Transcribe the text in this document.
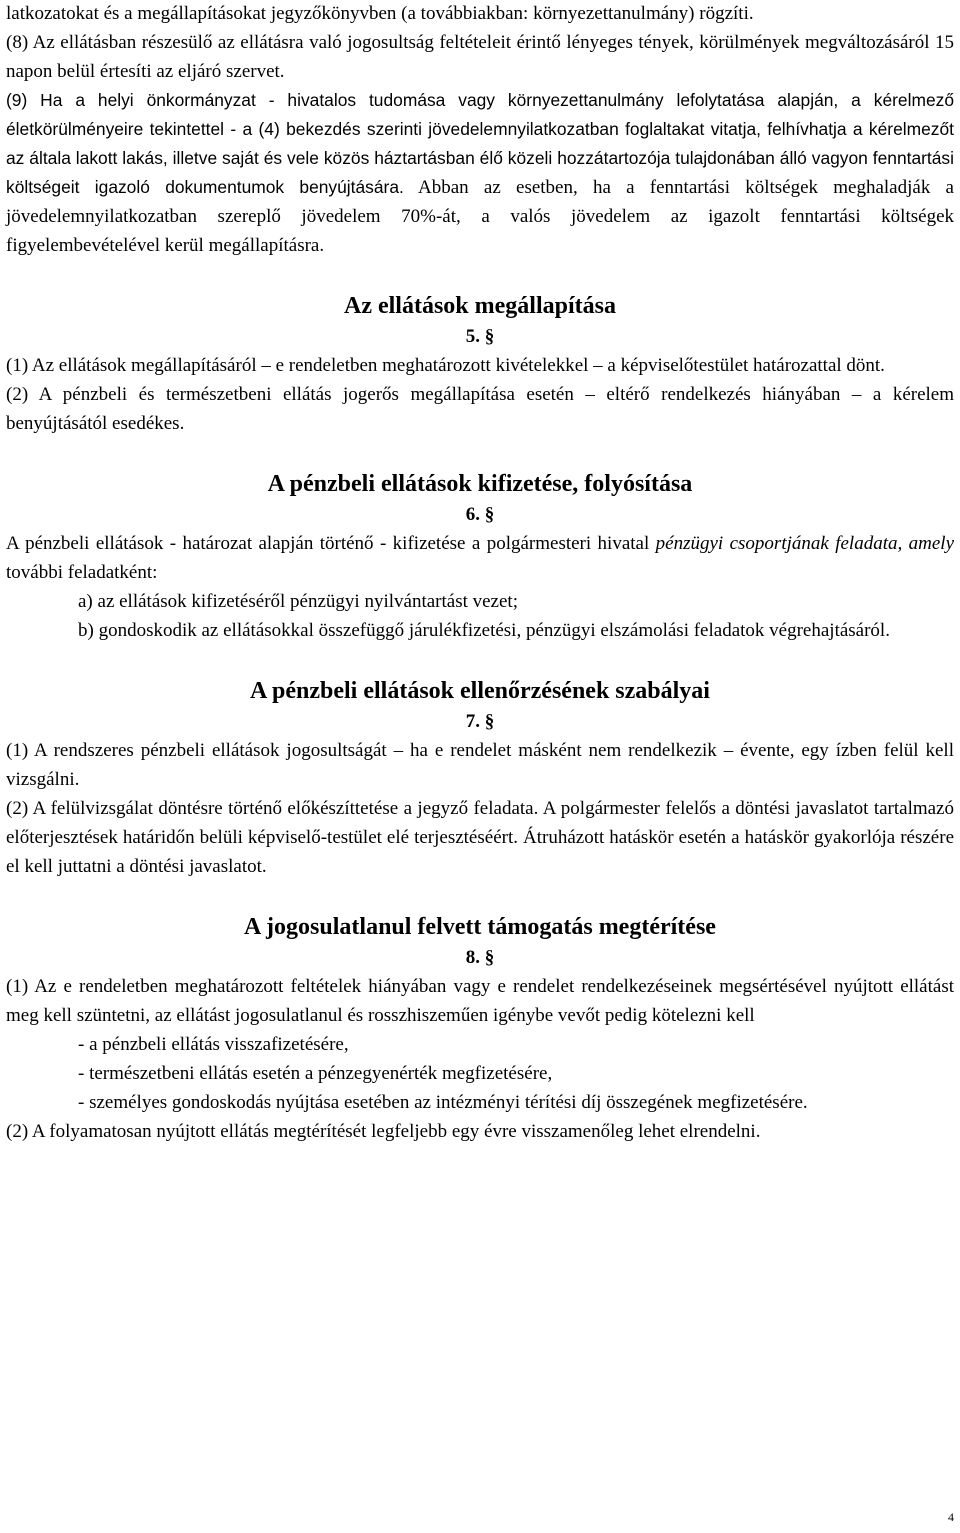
latkozatokat és a megállapításokat jegyzőkönyvben (a továbbiakban: környezettanulmány) rögzíti.

(8) Az ellátásban részesülő az ellátásra való jogosultság feltételeit érintő lényeges tények, körülmények megváltozásáról 15 napon belül értesíti az eljáró szervet.

(9) Ha a helyi önkormányzat - hivatalos tudomása vagy környezettanulmány lefolytatása alapján, a kérelmező életkörülményeire tekintettel - a (4) bekezdés szerinti jövedelemnyilatkozatban foglaltakat vitatja, felhívhatja a kérelmezőt az általa lakott lakás, illetve saját és vele közös háztartásban élő közeli hozzátartozója tulajdonában álló vagyon fenntartási költségeit igazoló dokumentumok benyújtására. Abban az esetben, ha a fenntartási költségek meghaladják a jövedelemnyilatkozatban szereplő jövedelem 70%-át, a valós jövedelem az igazolt fenntartási költségek figyelembevételével kerül megállapításra.

Az ellátások megállapítása

5. §

(1) Az ellátások megállapításáról – e rendeletben meghatározott kivételekkel – a képviselőtestület határozattal dönt.

(2) A pénzbeli és természetbeni ellátás jogerős megállapítása esetén – eltérő rendelkezés hiányában – a kérelem benyújtásától esedékes.

A pénzbeli ellátások kifizetése, folyósítása

6. §

A pénzbeli ellátások - határozat alapján történő - kifizetése a polgármesteri hivatal pénzügyi csoportjának feladata, amely további feladatként:

a) az ellátások kifizetéséről pénzügyi nyilvántartást vezet;

b) gondoskodik az ellátásokkal összefüggő járulékfizetési, pénzügyi elszámolási feladatok végrehajtásáról.

A pénzbeli ellátások ellenőrzésének szabályai

7. §

(1) A rendszeres pénzbeli ellátások jogosultságát – ha e rendelet másként nem rendelkezik – évente, egy ízben felül kell vizsgálni.

(2) A felülvizsgálat döntésre történő előkészíttetése a jegyző feladata. A polgármester felelős a döntési javaslatot tartalmazó előterjesztések határidőn belüli képviselő-testület elé terjesztéséért. Átruházott hatáskör esetén a hatáskör gyakorlója részére el kell juttatni a döntési javaslatot.

A jogosulatlanul felvett támogatás megtérítése

8. §

(1) Az e rendeletben meghatározott feltételek hiányában vagy e rendelet rendelkezéseinek megsértésével nyújtott ellátást meg kell szüntetni, az ellátást jogosulatlanul és rosszhiszeműen igénybe vevőt pedig kötelezni kell

- a pénzbeli ellátás visszafizetésére,

- természetbeni ellátás esetén a pénzegyenérték megfizetésére,

- személyes gondoskodás nyújtása esetében az intézményi térítési díj összegének megfizetésére.

(2) A folyamatosan nyújtott ellátás megtérítését legfeljebb egy évre visszamenőleg lehet elrendelni.

4
